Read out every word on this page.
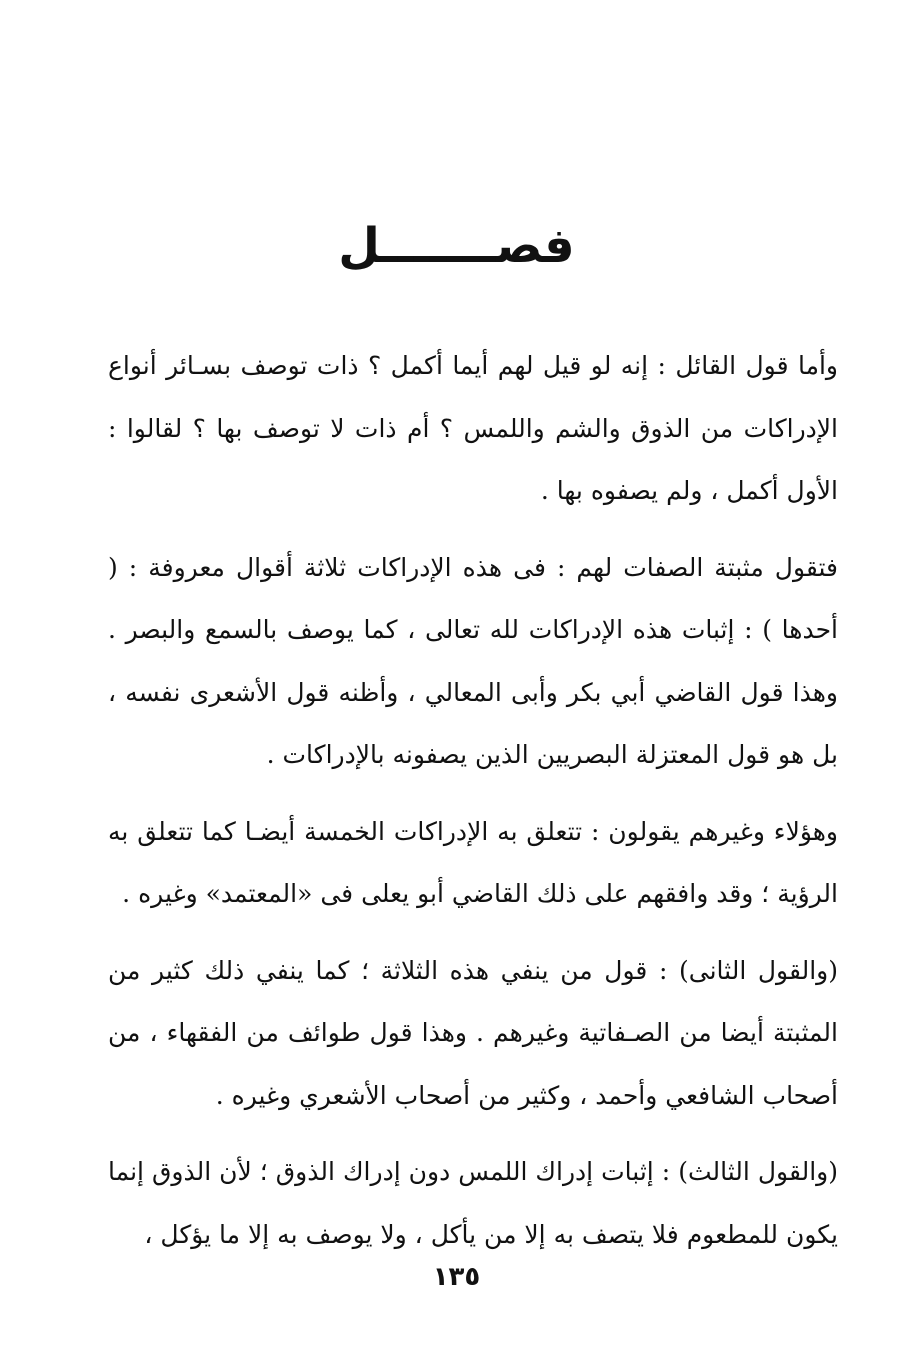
فصـــــــل

وأما قول القائل : إنه لو قيل لهم أيما أكمل ؟ ذات توصف بسـائر أنواع الإدراكات من الذوق والشم واللمس ؟ أم ذات لا توصف بها ؟ لقالوا : الأول أكمل ، ولم يصفوه بها .

فتقول مثبتة الصفات لهم : فى هذه الإدراكات ثلاثة أقوال معروفة : ( أحدها ) : إثبات هذه الإدراكات لله تعالى ، كما يوصف بالسمع والبصر . وهذا قول القاضي أبي بكر وأبى المعالي ، وأظنه قول الأشعرى نفسه ، بل هو قول المعتزلة البصريين الذين يصفونه بالإدراكات .

وهؤلاء وغيرهم يقولون : تتعلق به الإدراكات الخمسة أيضـا كما تتعلق به الرؤية ؛ وقد وافقهم على ذلك القاضي أبو يعلى فى «المعتمد» وغيره .

(والقول الثانى) : قول من ينفي هذه الثلاثة ؛ كما ينفي ذلك كثير من المثبتة أيضا من الصـفاتية وغيرهم . وهذا قول طوائف من الفقهاء ، من أصحاب الشافعي وأحمد ، وكثير من أصحاب الأشعري وغيره .

(والقول الثالث) : إثبات إدراك اللمس دون إدراك الذوق ؛ لأن الذوق إنما يكون للمطعوم فلا يتصف به إلا من يأكل ، ولا يوصف به إلا ما يؤكل ،

١٣٥
